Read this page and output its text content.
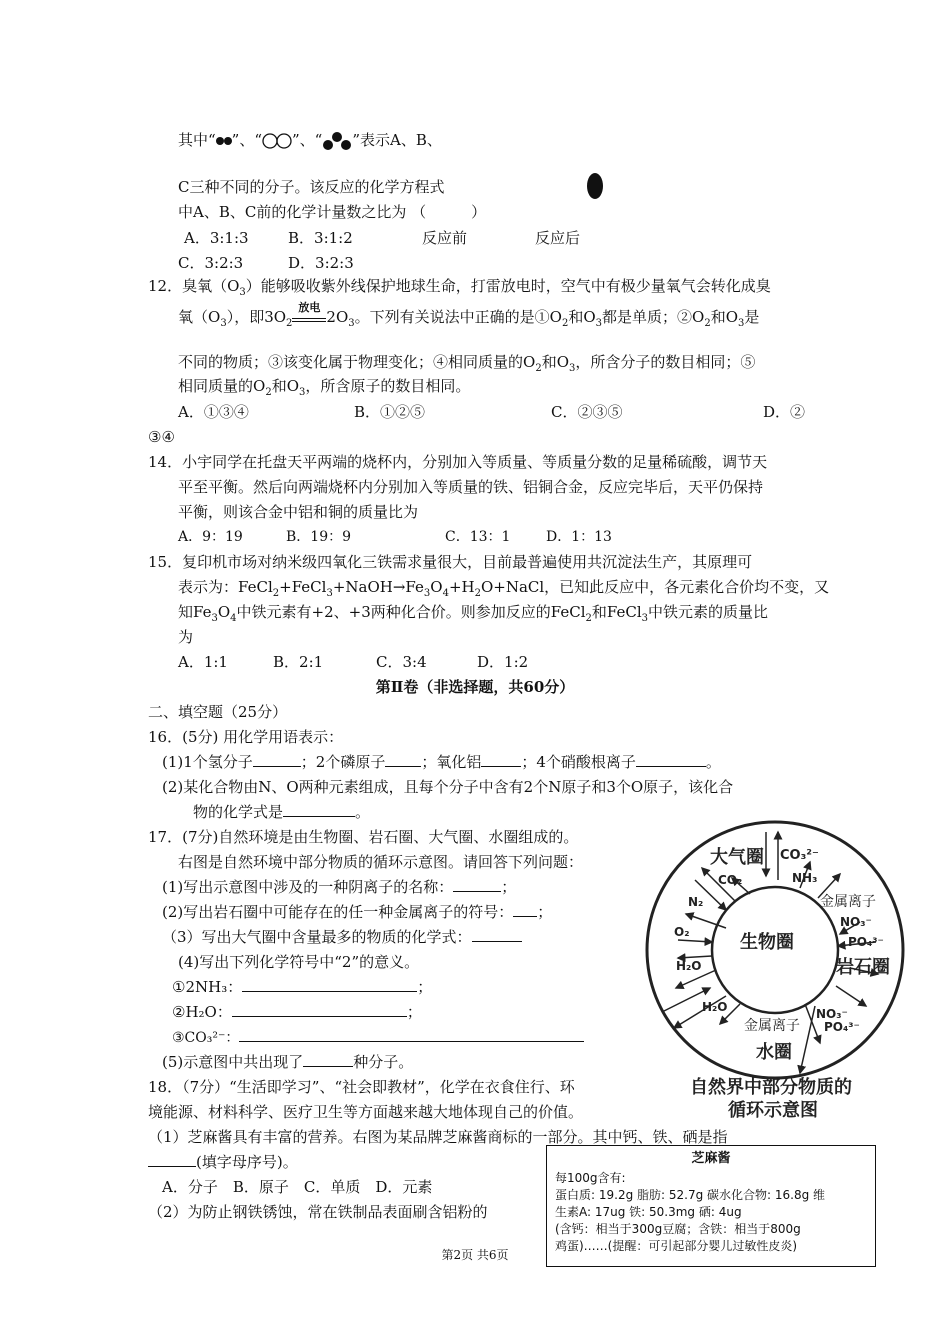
其中“ ”、“ ”、“ ”表示A、B、
C三种不同的分子。该反应的化学方程式
中A、B、C前的化学计量数之比为 （　　　）
A．3:1:3	B．3:1:2	反应前	反应后
C．3:2:3	D．3:2:3
12．臭氧$(O_3)$能够吸收紫外线保护地球生命，打雷放电时，空气中有极少量氧气会转化成臭
氧$(O_3)$，即$3O_2$
放电
$2O_3$。下列有关说法中正确的是$①O_2$和$O_3$都是单质；$②O_2$和$O_3$是
不同的物质；③该变化属于物理变化；④相同质量的$O_2$和$O_3$，所含分子的数目相同；⑤
相同质量的$O_2$和$O_3$，所含原子的数目相同。
A．①③④	B．①②⑤	C．②③⑤	D．②
③④
14．小宇同学在托盘天平两端的烧杯内，分别加入等质量、等质量分数的足量稀硫酸，调节天
平至平衡。然后向两端烧杯内分别加入等质量的铁、铝铜合金，反应完毕后，天平仍保持
平衡，则该合金中铝和铜的质量比为
A．9：19	B．19：9	C．13：1	D．1：13
15．复印机市场对纳米级四氧化三铁需求量很大，目前最普遍使用共沉淀法生产，其原理可
表示为：$FeCl_2+FeCl_3+NaOH\to Fe_3O_4+H_2O+NaCl$，已知此反应中，各元素化合价均不变，又
知$Fe_3O_4$中铁元素有+2、+3两种化合价。则参加反应的FeCl$_2$和FeCl$_3$中铁元素的质量比
为
A．1:1	B．2:1	C．3:4	D．1:2
第Ⅱ卷（非选择题，共60分）
二、填空题（25分）
16．(5分) 用化学用语表示：
(1)1个氢分子	；2个磷原子 ；氧化铝	；4个硝酸根离子	。
(2)某化合物由N、O两种元素组成，且每个分子中含有2个N原子和3个O原子，该化合
物的化学式是	。
17．(7分)自然环境是由生物圈、岩石圈、大气圈、水圈组成的。
右图是自然环境中部分物质的循环示意图。请回答下列问题：
(1)写出示意图中涉及的一种阴离子的名称：	；
(2)写出岩石圈中可能存在的任一种金属离子的符号： ；
（3）写出大气圈中含量最多的物质的化学式：
(4)写出下列化学符号中“2”的意义。
①2NH₃：	；
②H₂O：	；
③CO₃²⁻：
(5)示意图中共出现了	种分子。
18．（7分）“生活即学习”、“社会即教材”，化学在衣食住行、环
境能源、材料科学、医疗卫生等方面越来越大地体现自己的价值。
（1）芝麻酱具有丰富的营养。右图为某品牌芝麻酱商标的一部分。其中钙、铁、硒是指
(填字母序号)。
A．分子　B．原子　C．单质　D．元素
（2）为防止钢铁锈蚀，常在铁制品表面刷含铝粉的
大气圈 CO₃²⁻
CO₂	NH₃
金属离子
N₂
NO₃⁻
O₂	生物圈	PO₄³⁻
H₂O	岩石圈
H₂O	NO₃⁻
PO₄³⁻
金属离子
水圈
自然界中部分物质的
循环示意图
芝麻酱
每100g含有:
蛋白质: 19.2g 脂肪: 52.7g 碳水化合物: 16.8g 维
生素A: 17ug 铁: 50.3mg 硒: 4ug
(含钙：相当于300g豆腐；含铁：相当于800g
鸡蛋)……(提醒：可引起部分婴儿过敏性皮炎)
第2页 共6页
